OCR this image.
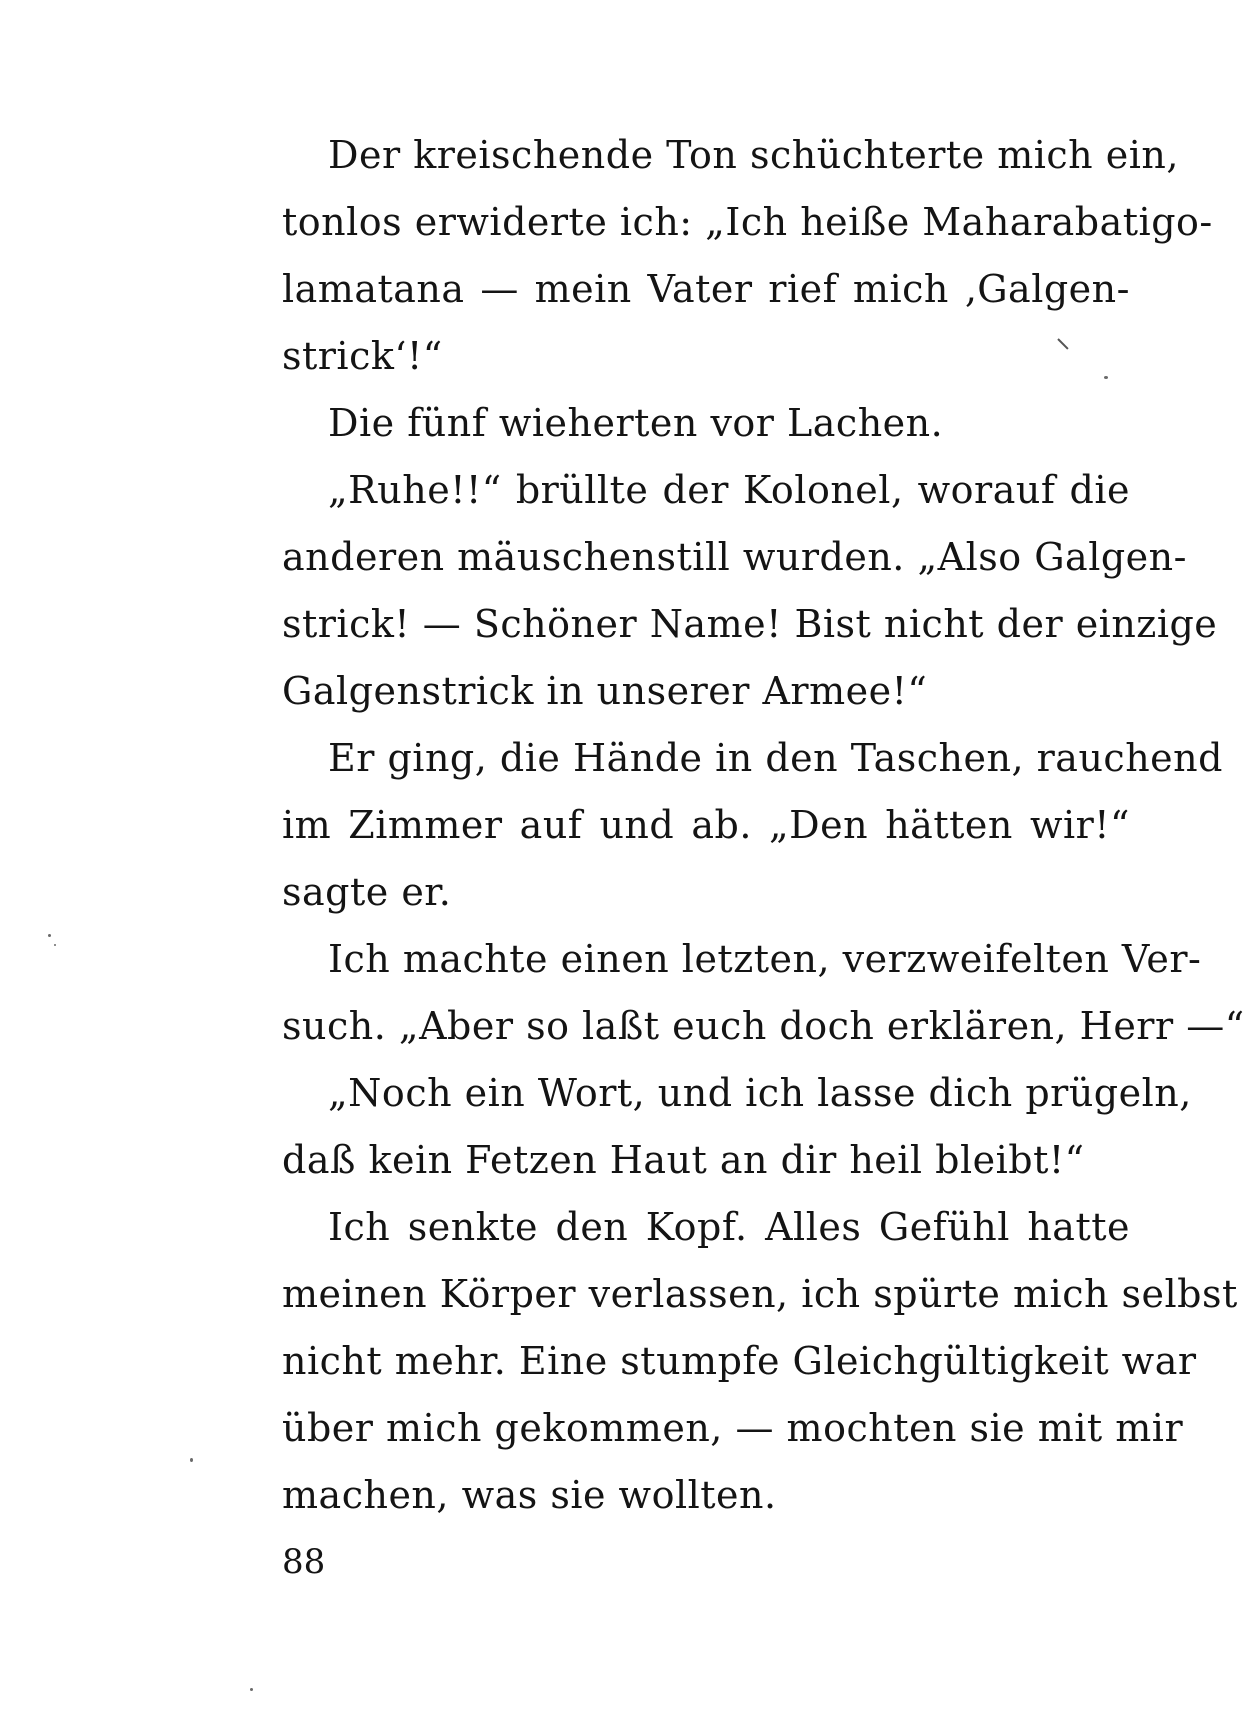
Der kreischende Ton schüchterte mich ein,
tonlos erwiderte ich: „Ich heiße Maharabatigo-
lamatana — mein Vater rief mich ‚Galgen-
strick‘!“
Die fünf wieherten vor Lachen.
„Ruhe!!“ brüllte der Kolonel, worauf die
anderen mäuschenstill wurden. „Also Galgen-
strick! — Schöner Name! Bist nicht der einzige
Galgenstrick in unserer Armee!“
Er ging, die Hände in den Taschen, rauchend
im Zimmer auf und ab. „Den hätten wir!“
sagte er.
Ich machte einen letzten, verzweifelten Ver-
such. „Aber so laßt euch doch erklären, Herr —“
„Noch ein Wort, und ich lasse dich prügeln,
daß kein Fetzen Haut an dir heil bleibt!“
Ich senkte den Kopf. Alles Gefühl hatte
meinen Körper verlassen, ich spürte mich selbst
nicht mehr. Eine stumpfe Gleichgültigkeit war
über mich gekommen, — mochten sie mit mir
machen, was sie wollten.
88
